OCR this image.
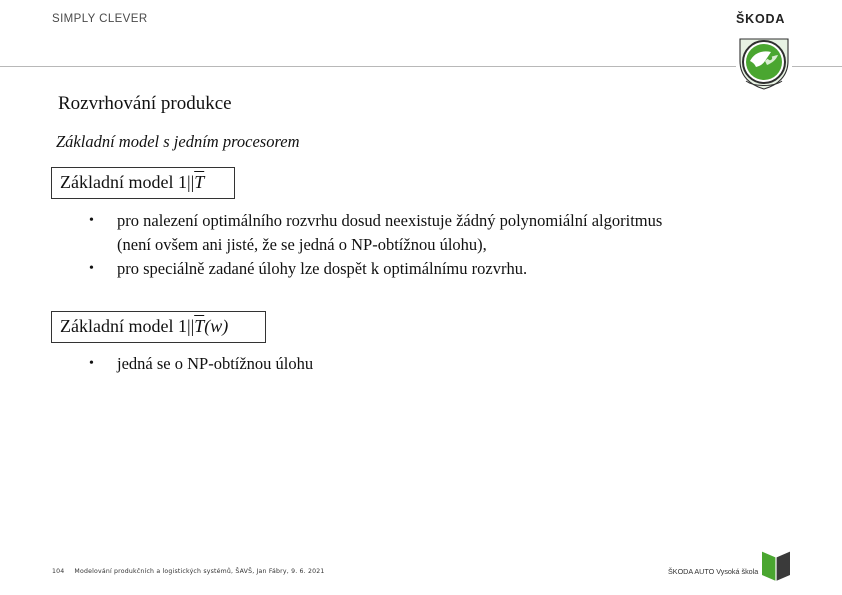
SIMPLY CLEVER	ŠKODA
Rozvrhování produkce
Základní model s jedním procesorem
Základní model $1||\overline{T}$
• pro nalezení optimálního rozvrhu dosud neexistuje žádný polynomiální algoritmus
(není ovšem ani jisté, že se jedná o NP-obtížnou úlohu),
• pro speciálně zadané úlohy lze dospět k optimálnímu rozvrhu.
Základní model $1||\overline{T}(w)$
• jedná se o NP-obtížnou úlohu
104 Modelování produkčních a logistických systémů, ŠAVŠ, Jan Fábry, 9. 6. 2021	ŠKODA AUTO Vysoká škola
